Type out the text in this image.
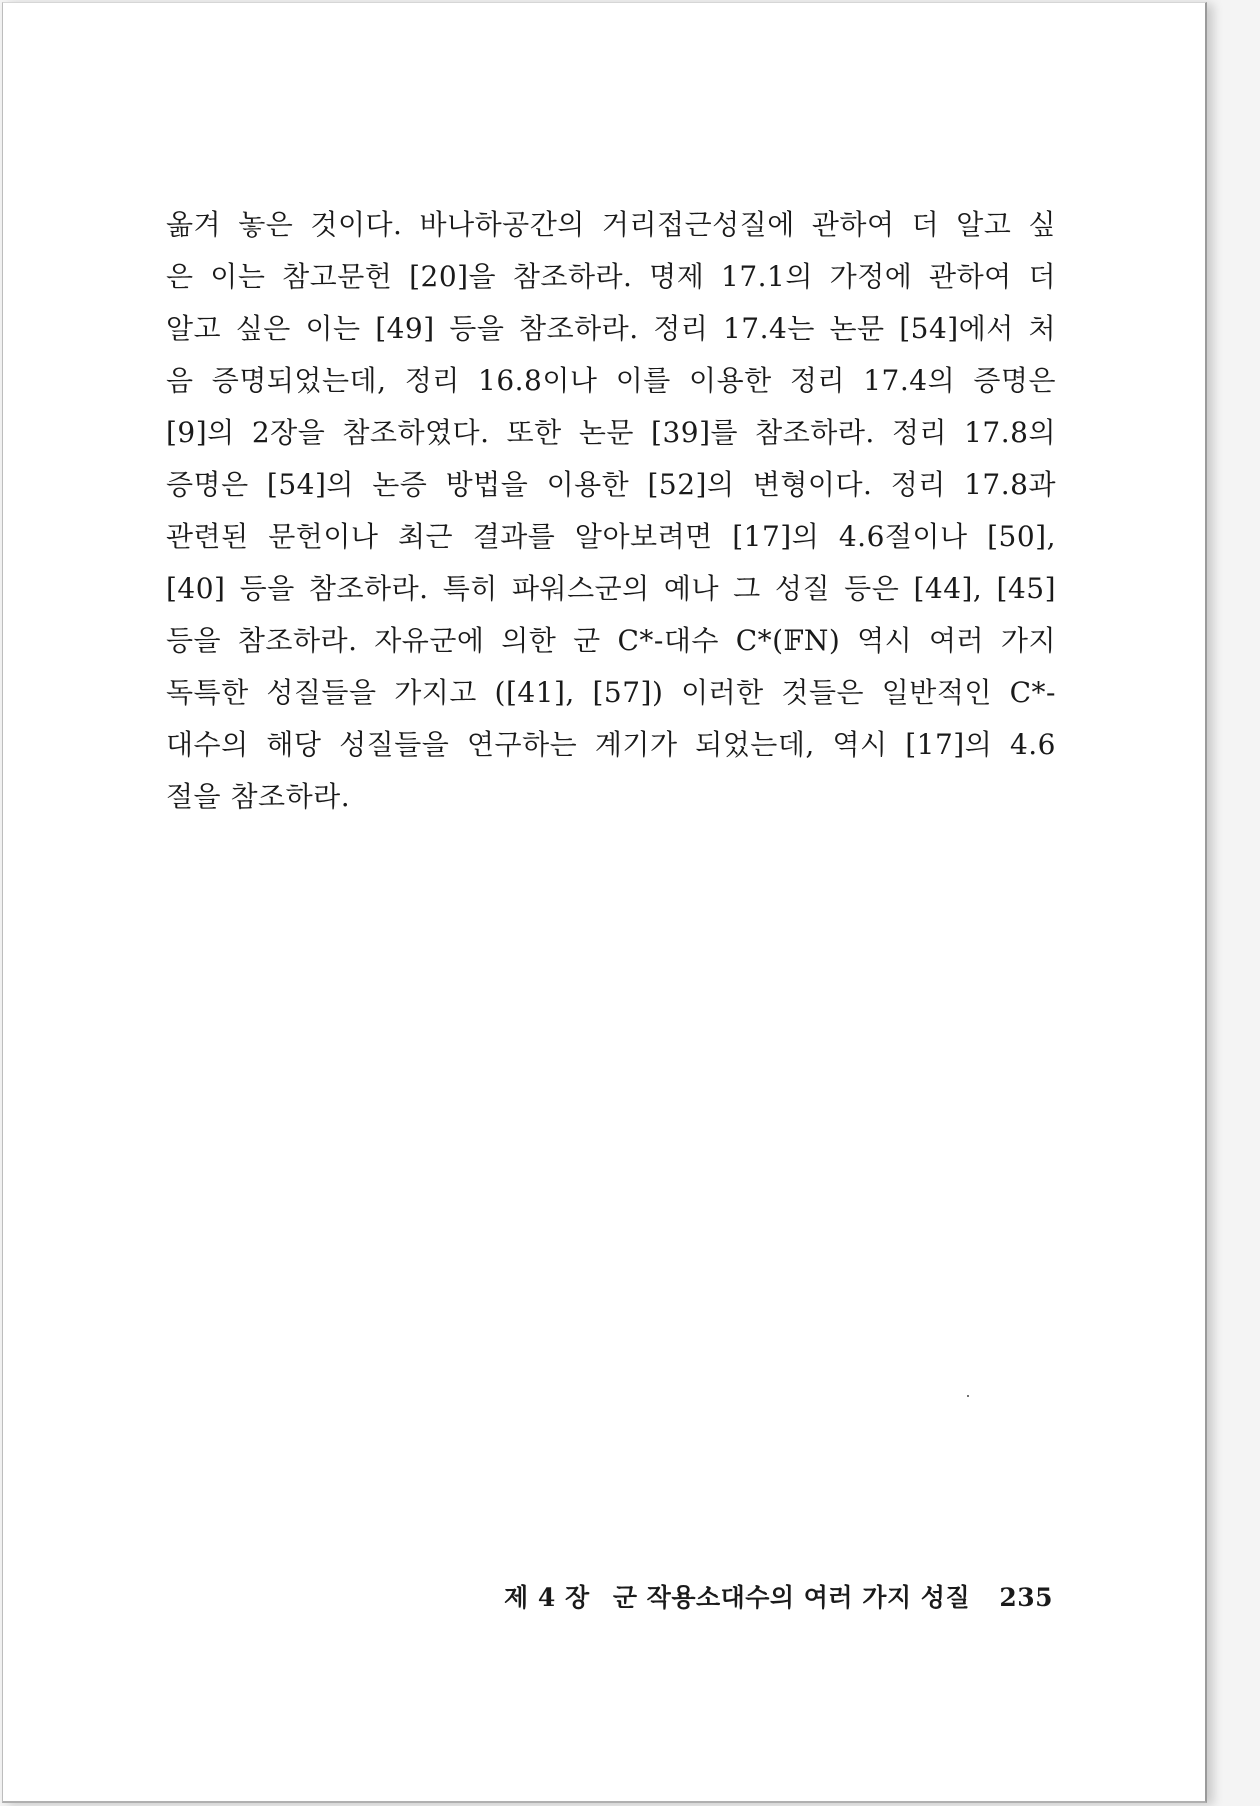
옮겨 놓은 것이다. 바나하공간의 거리접근성질에 관하여 더 알고 싶
은 이는 참고문헌 [20]을 참조하라. 명제 17.1의 가정에 관하여 더
알고 싶은 이는 [49] 등을 참조하라. 정리 17.4는 논문 [54]에서 처
음 증명되었는데, 정리 16.8이나 이를 이용한 정리 17.4의 증명은
[9]의 2장을 참조하였다. 또한 논문 [39]를 참조하라. 정리 17.8의
증명은 [54]의 논증 방법을 이용한 [52]의 변형이다. 정리 17.8과
관련된 문헌이나 최근 결과를 알아보려면 [17]의 4.6절이나 [50],
[40] 등을 참조하라. 특히 파워스군의 예나 그 성질 등은 [44], [45]
등을 참조하라. 자유군에 의한 군 C*-대수 C*(𝔽N) 역시 여러 가지
독특한 성질들을 가지고 ([41], [57]) 이러한 것들은 일반적인 C*-
대수의 해당 성질들을 연구하는 계기가 되었는데, 역시 [17]의 4.6
절을 참조하라.
제 4 장 군 작용소대수의 여러 가지 성질 235
